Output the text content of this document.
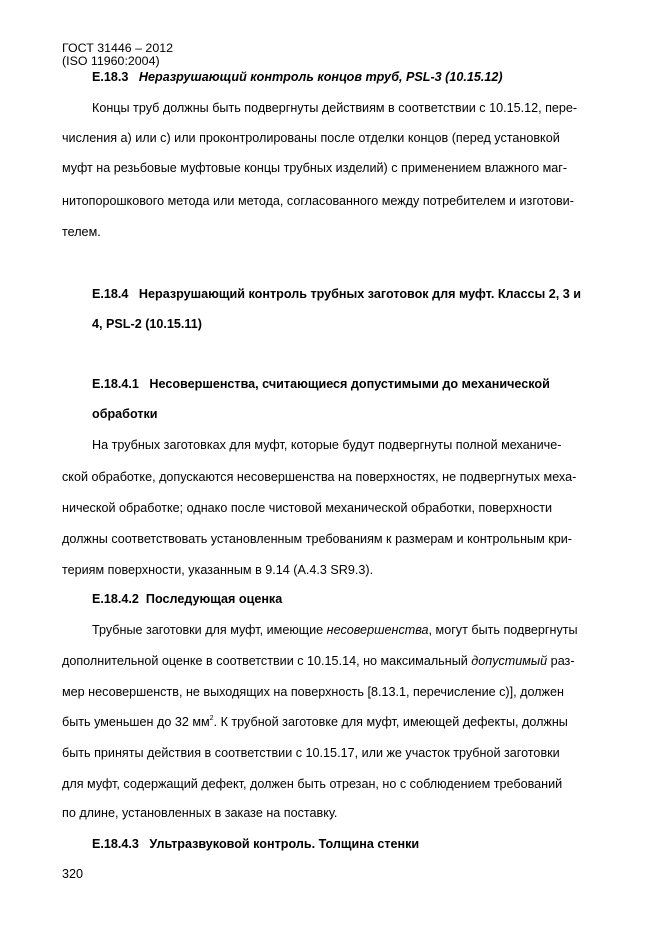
ГОСТ 31446 – 2012
(ISO 11960:2004)
Е.18.3 Неразрушающий контроль концов труб, PSL-3 (10.15.12)
Концы труб должны быть подвергнуты действиям в соответствии с 10.15.12, пере-
числения а) или с) или проконтролированы после отделки концов (перед установкой
муфт на резьбовые муфтовые концы трубных изделий) с применением влажного маг-
нитопорошкового метода или метода, согласованного между потребителем и изготови-
телем.
Е.18.4 Неразрушающий контроль трубных заготовок для муфт. Классы 2, 3 и
4, PSL-2 (10.15.11)
Е.18.4.1 Несовершенства, считающиеся допустимыми до механической
обработки
На трубных заготовках для муфт, которые будут подвергнуты полной механиче-
ской обработке, допускаются несовершенства на поверхностях, не подвергнутых меха-
нической обработке; однако после чистовой механической обработки, поверхности
должны соответствовать установленным требованиям к размерам и контрольным кри-
териям поверхности, указанным в 9.14 (А.4.3 SR9.3).
Е.18.4.2 Последующая оценка
Трубные заготовки для муфт, имеющие несовершенства, могут быть подвергнуты
дополнительной оценке в соответствии с 10.15.14, но максимальный допустимый раз-
мер несовершенств, не выходящих на поверхность [8.13.1, перечисление с)], должен
быть уменьшен до 32 $мм^2$. К трубной заготовке для муфт, имеющей дефекты, должны
быть приняты действия в соответствии с 10.15.17, или же участок трубной заготовки
для муфт, содержащий дефект, должен быть отрезан, но с соблюдением требований
по длине, установленных в заказе на поставку.
Е.18.4.3 Ультразвуковой контроль. Толщина стенки
320
